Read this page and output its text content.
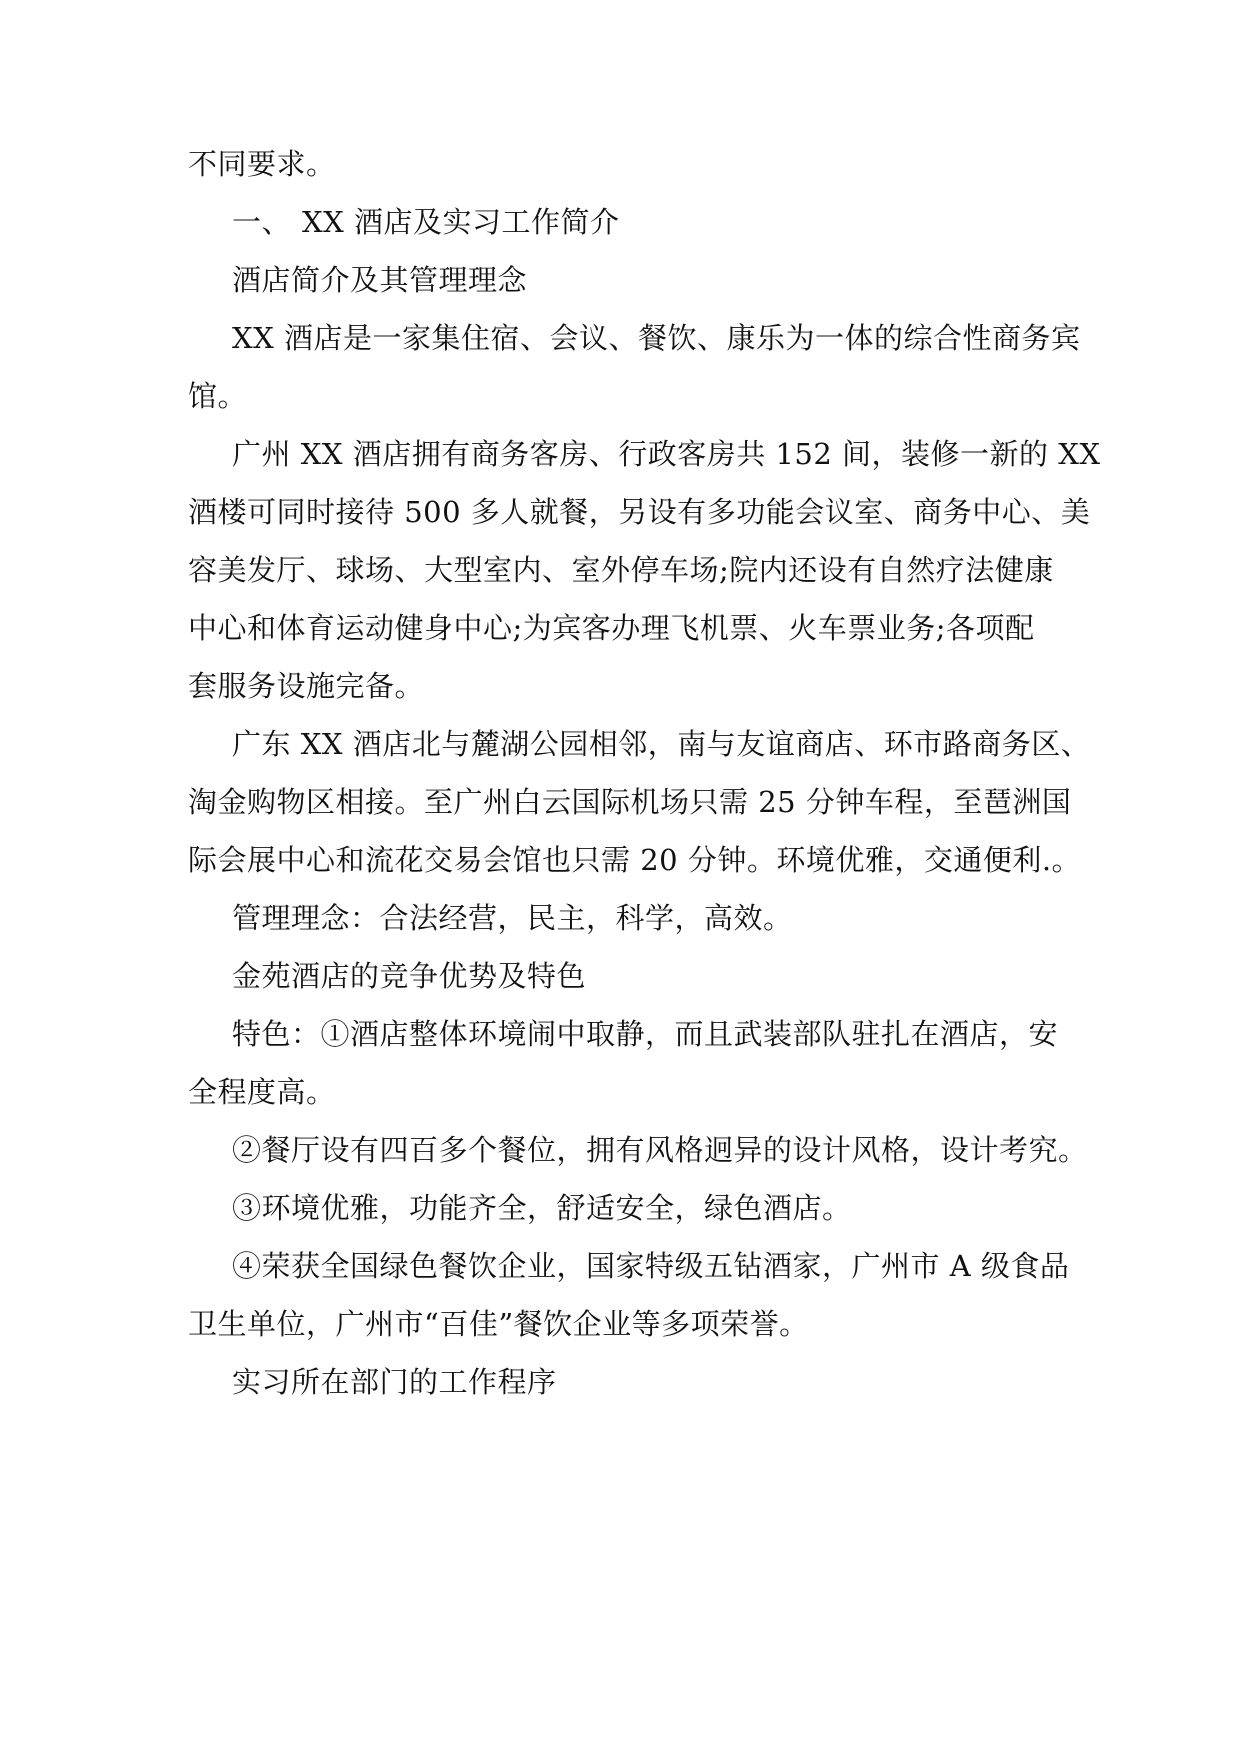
不同要求。
一、 XX 酒店及实习工作简介
酒店简介及其管理理念
XX 酒店是一家集住宿、会议、餐饮、康乐为一体的综合性商务宾
馆。
广州 XX 酒店拥有商务客房、行政客房共 152 间，装修一新的 XX
酒楼可同时接待 500 多人就餐，另设有多功能会议室、商务中心、美
容美发厅、球场、大型室内、室外停车场;院内还设有自然疗法健康
中心和体育运动健身中心;为宾客办理飞机票、火车票业务;各项配
套服务设施完备。
广东 XX 酒店北与麓湖公园相邻，南与友谊商店、环市路商务区、
淘金购物区相接。至广州白云国际机场只需 25 分钟车程，至琶洲国
际会展中心和流花交易会馆也只需 20 分钟。环境优雅，交通便利.。
管理理念：合法经营，民主，科学，高效。
金苑酒店的竞争优势及特色
特色：①酒店整体环境闹中取静，而且武装部队驻扎在酒店，安
全程度高。
②餐厅设有四百多个餐位，拥有风格迥异的设计风格，设计考究。
③环境优雅，功能齐全，舒适安全，绿色酒店。
④荣获全国绿色餐饮企业，国家特级五钻酒家，广州市 A 级食品
卫生单位，广州市“百佳”餐饮企业等多项荣誉。
实习所在部门的工作程序
